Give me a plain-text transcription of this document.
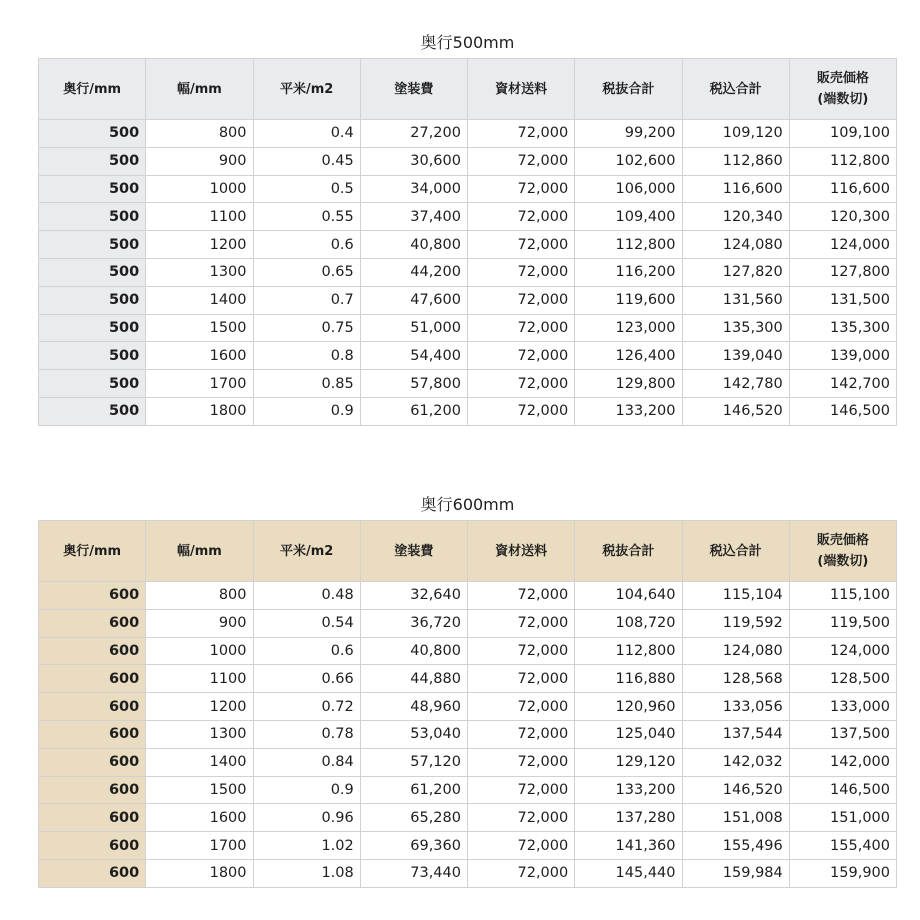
奥行500mm
奥行/mm	幅/mm	平米/m2	塗装費	資材送料	税抜合計	税込合計	販売価格
(端数切)

500	800	0.4	27,200	72,000	99,200	109,120	109,100
500	900	0.45	30,600	72,000	102,600	112,860	112,800
500	1000	0.5	34,000	72,000	106,000	116,600	116,600
500	1100	0.55	37,400	72,000	109,400	120,340	120,300
500	1200	0.6	40,800	72,000	112,800	124,080	124,000
500	1300	0.65	44,200	72,000	116,200	127,820	127,800
500	1400	0.7	47,600	72,000	119,600	131,560	131,500
500	1500	0.75	51,000	72,000	123,000	135,300	135,300
500	1600	0.8	54,400	72,000	126,400	139,040	139,000
500	1700	0.85	57,800	72,000	129,800	142,780	142,700
500	1800	0.9	61,200	72,000	133,200	146,520	146,500
奥行600mm
奥行/mm	幅/mm	平米/m2	塗装費	資材送料	税抜合計	税込合計	販売価格
(端数切)

600	800	0.48	32,640	72,000	104,640	115,104	115,100
600	900	0.54	36,720	72,000	108,720	119,592	119,500
600	1000	0.6	40,800	72,000	112,800	124,080	124,000
600	1100	0.66	44,880	72,000	116,880	128,568	128,500
600	1200	0.72	48,960	72,000	120,960	133,056	133,000
600	1300	0.78	53,040	72,000	125,040	137,544	137,500
600	1400	0.84	57,120	72,000	129,120	142,032	142,000
600	1500	0.9	61,200	72,000	133,200	146,520	146,500
600	1600	0.96	65,280	72,000	137,280	151,008	151,000
600	1700	1.02	69,360	72,000	141,360	155,496	155,400
600	1800	1.08	73,440	72,000	145,440	159,984	159,900
